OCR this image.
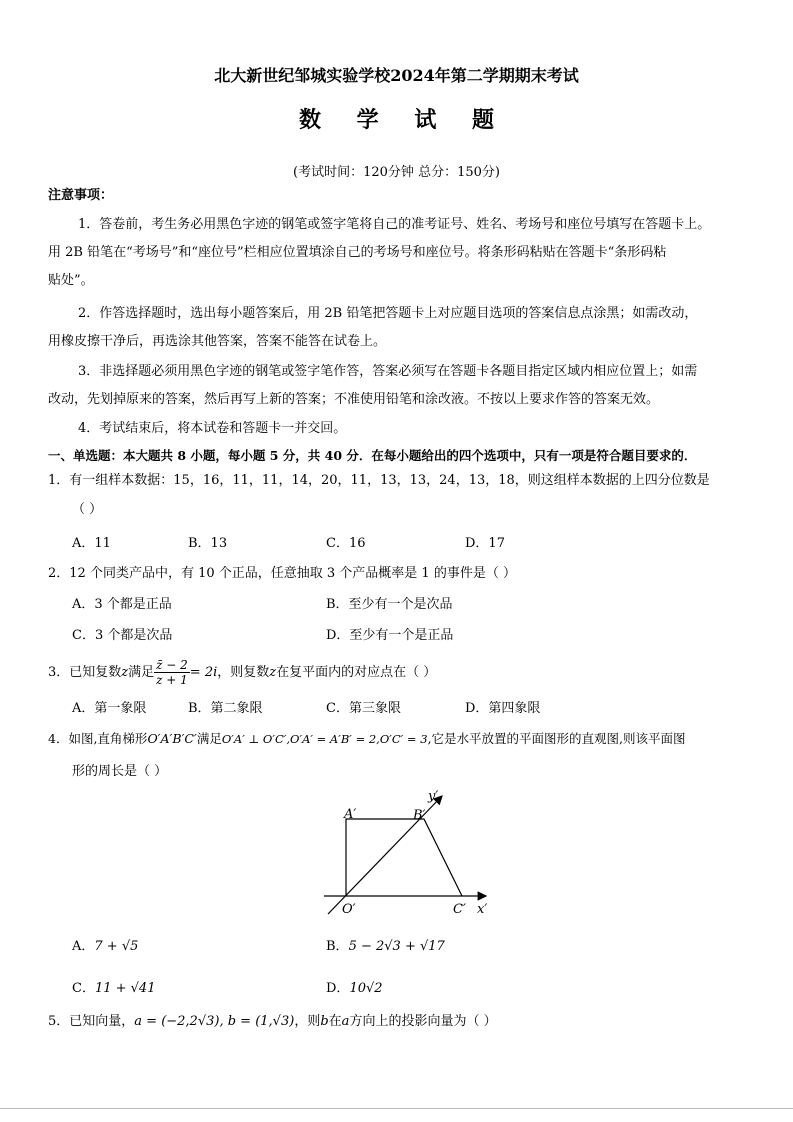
北大新世纪邹城实验学校2024年第二学期期末考试
数 学 试 题
(考试时间：120分钟 总分：150分)
注意事项：
1．答卷前，考生务必用黑色字迹的钢笔或签字笔将自己的准考证号、姓名、考场号和座位号填写在答题卡上。
用 2B 铅笔在“考场号”和“座位号”栏相应位置填涂自己的考场号和座位号。将条形码粘贴在答题卡“条形码粘
贴处”。
2．作答选择题时，选出每小题答案后，用 2B 铅笔把答题卡上对应题目选项的答案信息点涂黑；如需改动，
用橡皮擦干净后，再选涂其他答案，答案不能答在试卷上。
3．非选择题必须用黑色字迹的钢笔或签字笔作答，答案必须写在答题卡各题目指定区域内相应位置上；如需
改动，先划掉原来的答案，然后再写上新的答案；不准使用铅笔和涂改液。不按以上要求作答的答案无效。
4．考试结束后，将本试卷和答题卡一并交回。
一、单选题：本大题共 8 小题，每小题 5 分，共 40 分．在每小题给出的四个选项中，只有一项是符合题目要求的．
1．有一组样本数据：15，16，11，11，14，20，11，13，13，24，13，18，则这组样本数据的上四分位数是
（ ）
A．11	B．13	C．16	D．17
2．12 个同类产品中，有 10 个正品，任意抽取 3 个产品概率是 1 的事件是（ ）
A．3 个都是正品	B．至少有一个是次品
C．3 个都是次品	D．至少有一个是正品
3．已知复数z满足 $\frac{z̄ - 2}{z + 1} = 2i$，则复数z在复平面内的对应点在（ ）
A．第一象限	B．第二象限	C．第三象限	D．第四象限
4．如图,直角梯形O′A′B′C′满足O′A′ ⊥ O′C′,O′A′ = A′B′ = 2,O′C′ = 3,它是水平放置的平面图形的直观图,则该平面图
形的周长是（ ）
A′	B′
O′	C′ x′
y′
A．7 + √5	B．5 − 2√3 + √17
C．11 + √41	D．10√2
5．已知向量，a = (−2,2√3), b = (1,√3)，则b在a方向上的投影向量为（ ）
